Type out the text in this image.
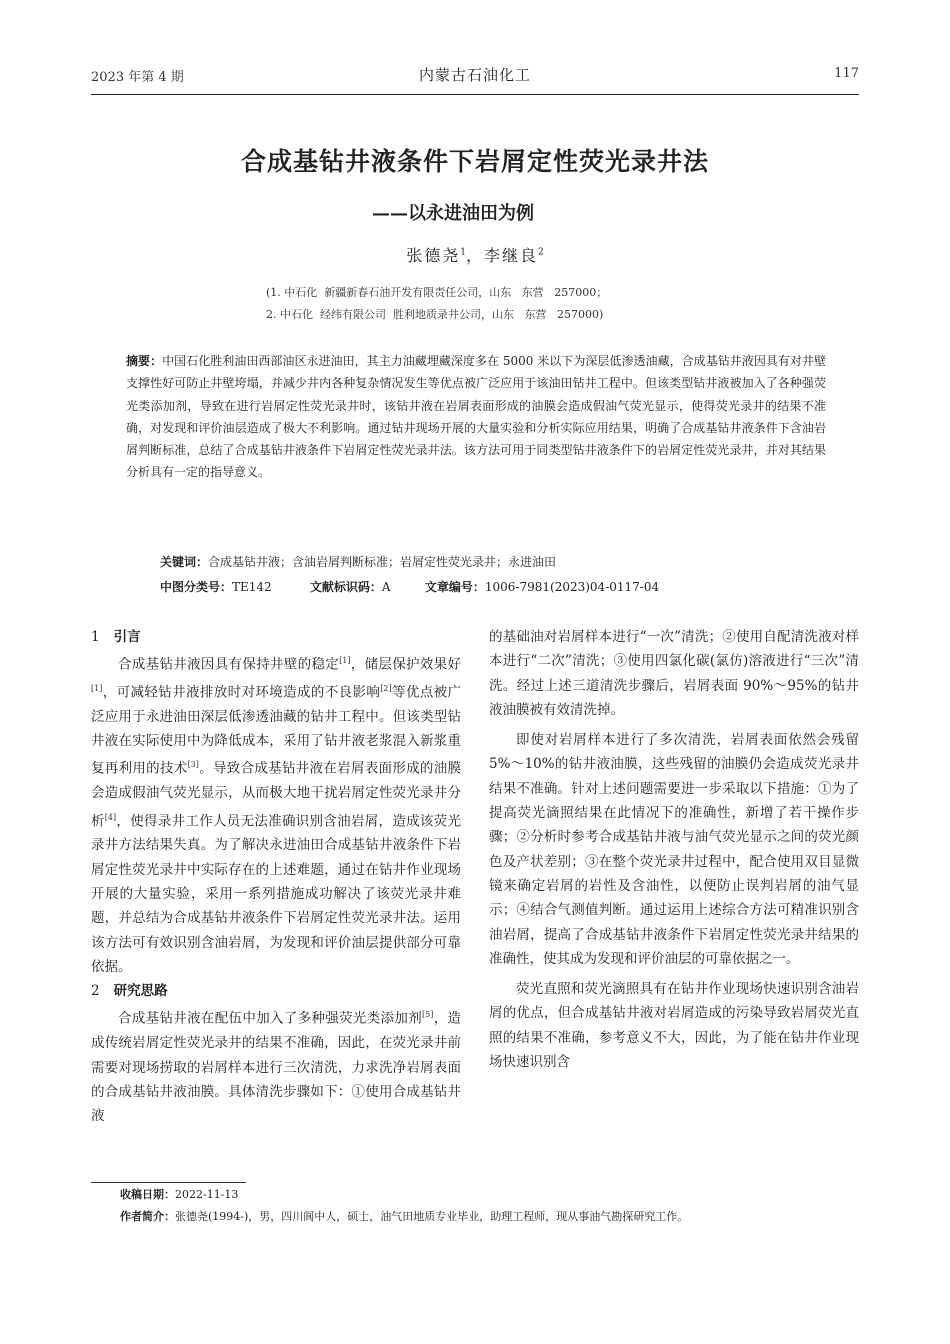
2023 年第 4 期	内蒙古石油化工	117
合成基钻井液条件下岩屑定性荧光录井法
——以永进油田为例
张德尧$^1$，李继良$^2$
(1. 中石化  新疆新春石油开发有限责任公司，山东   东营   257000；
2. 中石化  经纬有限公司  胜利地质录井公司，山东   东营   257000)
摘要：中国石化胜利油田西部油区永进油田，其主力油藏埋藏深度多在 5000 米以下为深层低渗透油藏，合成基钻井液因具有对井壁支撑性好可防止井壁垮塌，并减少井内各种复杂情况发生等优点被广泛应用于该油田钻井工程中。但该类型钻井液被加入了各种强荧光类添加剂，导致在进行岩屑定性荧光录井时，该钻井液在岩屑表面形成的油膜会造成假油气荧光显示，使得荧光录井的结果不准确，对发现和评价油层造成了极大不利影响。通过钻井现场开展的大量实验和分析实际应用结果，明确了合成基钻井液条件下含油岩屑判断标准，总结了合成基钻井液条件下岩屑定性荧光录井法。该方法可用于同类型钻井液条件下的岩屑定性荧光录井，并对其结果分析具有一定的指导意义。
关键词：合成基钻井液；含油岩屑判断标准；岩屑定性荧光录井；永进油田
中图分类号：TE142	文献标识码：A	文章编号：1006-7981(2023)04-0117-04

1 引言

合成基钻井液因具有保持井壁的稳定[1]，储层保护效果好[1]，可减轻钻井液排放时对环境造成的不良影响[2]等优点被广泛应用于永进油田深层低渗透油藏的钻井工程中。但该类型钻井液在实际使用中为降低成本，采用了钻井液老浆混入新浆重复再利用的技术[3]。导致合成基钻井液在岩屑表面形成的油膜会造成假油气荧光显示，从而极大地干扰岩屑定性荧光录井分析[4]，使得录井工作人员无法准确识别含油岩屑，造成该荧光录井方法结果失真。为了解决永进油田合成基钻井液条件下岩屑定性荧光录井中实际存在的上述难题，通过在钻井作业现场开展的大量实验，采用一系列措施成功解决了该荧光录井难题，并总结为合成基钻井液条件下岩屑定性荧光录井法。运用该方法可有效识别含油岩屑，为发现和评价油层提供部分可靠依据。

2 研究思路

合成基钻井液在配伍中加入了多种强荧光类添加剂[5]，造成传统岩屑定性荧光录井的结果不准确，因此，在荧光录井前需要对现场捞取的岩屑样本进行三次清洗，力求洗净岩屑表面的合成基钻井液油膜。具体清洗步骤如下：①使用合成基钻井液

的基础油对岩屑样本进行“一次”清洗；②使用自配清洗液对样本进行“二次”清洗；③使用四氯化碳(氯仿)溶液进行“三次”清洗。经过上述三道清洗步骤后，岩屑表面 90%～95%的钻井液油膜被有效清洗掉。

即使对岩屑样本进行了多次清洗，岩屑表面依然会残留 5%～10%的钻井液油膜，这些残留的油膜仍会造成荧光录井结果不准确。针对上述问题需要进一步采取以下措施：①为了提高荧光滴照结果在此情况下的准确性，新增了若干操作步骤；②分析时参考合成基钻井液与油气荧光显示之间的荧光颜色及产状差别；③在整个荧光录井过程中，配合使用双目显微镜来确定岩屑的岩性及含油性，以便防止误判岩屑的油气显示；④结合气测值判断。通过运用上述综合方法可精准识别含油岩屑，提高了合成基钻井液条件下岩屑定性荧光录井结果的准确性，使其成为发现和评价油层的可靠依据之一。

荧光直照和荧光滴照具有在钻井作业现场快速识别含油岩屑的优点，但合成基钻井液对岩屑造成的污染导致岩屑荧光直照的结果不准确，参考意义不大，因此，为了能在钻井作业现场快速识别含

收稿日期：2022-11-13
作者简介：张德尧(1994-)，男，四川阆中人，硕士，油气田地质专业毕业，助理工程师，现从事油气勘探研究工作。
